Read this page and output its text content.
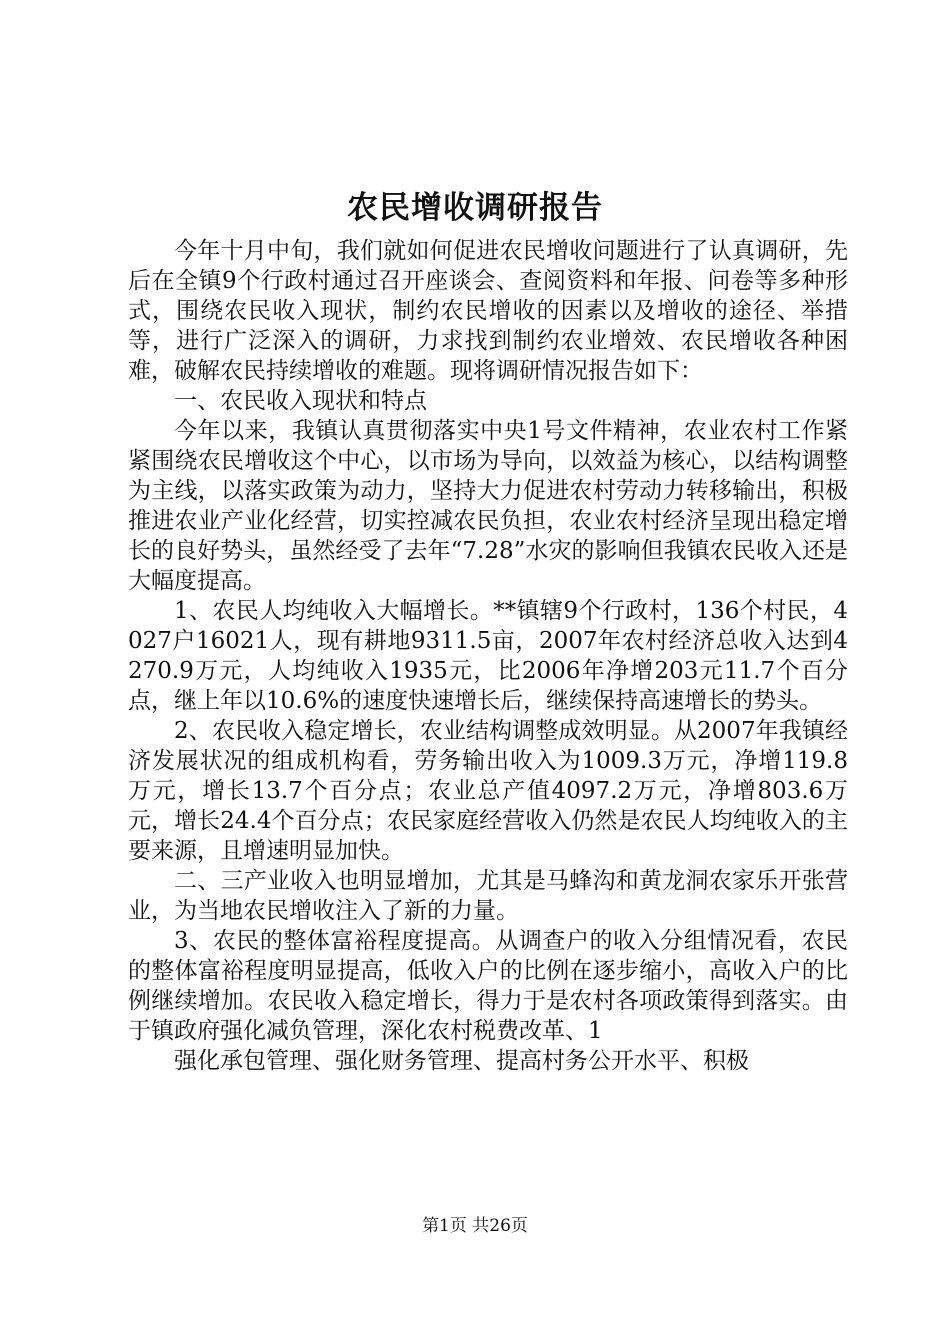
农民增收调研报告

今年十月中旬，我们就如何促进农民增收问题进行了认真调研，先后在全镇9个行政村通过召开座谈会、查阅资料和年报、问卷等多种形式，围绕农民收入现状，制约农民增收的因素以及增收的途径、举措等，进行广泛深入的调研，力求找到制约农业增效、农民增收各种困难，破解农民持续增收的难题。现将调研情况报告如下：

一、农民收入现状和特点

今年以来，我镇认真贯彻落实中央1号文件精神，农业农村工作紧紧围绕农民增收这个中心，以市场为导向，以效益为核心，以结构调整为主线，以落实政策为动力，坚持大力促进农村劳动力转移输出，积极推进农业产业化经营，切实控减农民负担，农业农村经济呈现出稳定增长的良好势头，虽然经受了去年“7.28”水灾的影响但我镇农民收入还是大幅度提高。

1、农民人均纯收入大幅增长。**镇辖9个行政村，136个村民，4027户16021人，现有耕地9311.5亩，2007年农村经济总收入达到4270.9万元，人均纯收入1935元，比2006年净增203元11.7个百分点，继上年以10.6%的速度快速增长后，继续保持高速增长的势头。

2、农民收入稳定增长，农业结构调整成效明显。从2007年我镇经济发展状况的组成机构看，劳务输出收入为1009.3万元，净增119.8万元，增长13.7个百分点；农业总产值4097.2万元，净增803.6万元，增长24.4个百分点；农民家庭经营收入仍然是农民人均纯收入的主要来源，且增速明显加快。

二、三产业收入也明显增加，尤其是马蜂沟和黄龙洞农家乐开张营业，为当地农民增收注入了新的力量。

3、农民的整体富裕程度提高。从调查户的收入分组情况看，农民的整体富裕程度明显提高，低收入户的比例在逐步缩小，高收入户的比例继续增加。农民收入稳定增长，得力于是农村各项政策得到落实。由于镇政府强化减负管理，深化农村税费改革、1

强化承包管理、强化财务管理、提高村务公开水平、积极

第1页 共26页
